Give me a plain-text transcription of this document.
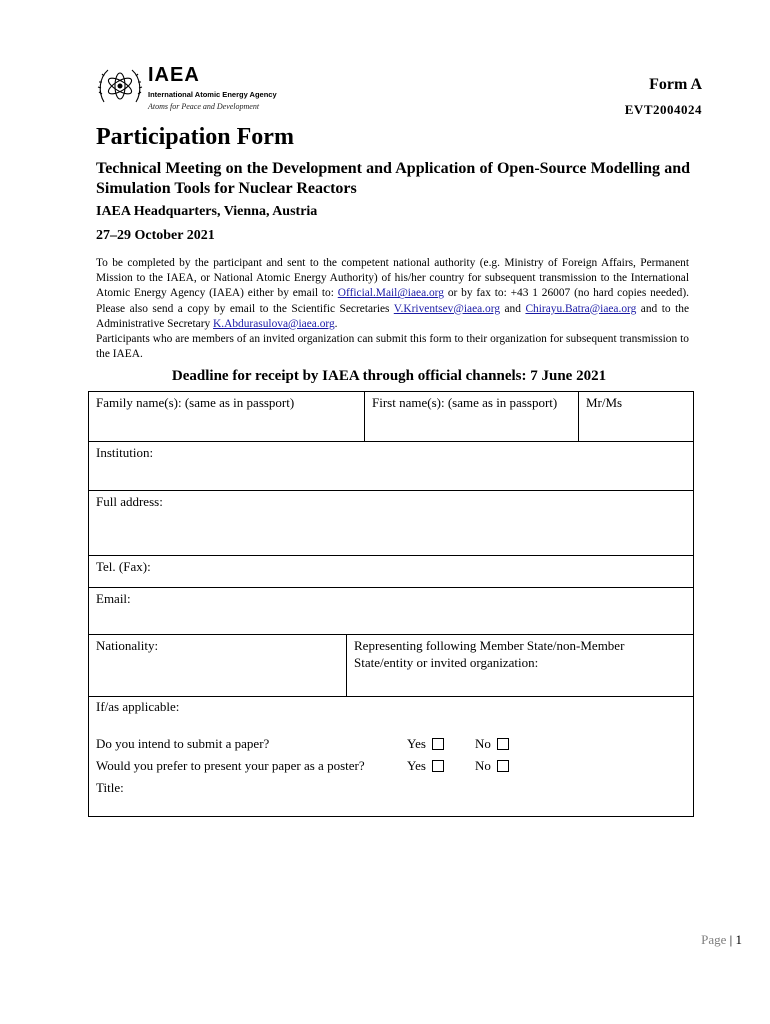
IAEA
International Atomic Energy Agency
Atoms for Peace and Development
Form A
EVT2004024
Participation Form
Technical Meeting on the Development and Application of Open-Source Modelling and Simulation Tools for Nuclear Reactors
IAEA Headquarters, Vienna, Austria
27–29 October 2021
To be completed by the participant and sent to the competent national authority (e.g. Ministry of Foreign Affairs, Permanent Mission to the IAEA, or National Atomic Energy Authority) of his/her country for subsequent transmission to the International Atomic Energy Agency (IAEA) either by email to: Official.Mail@iaea.org or by fax to: +43 1 26007 (no hard copies needed). Please also send a copy by email to the Scientific Secretaries V.Kriventsev@iaea.org and Chirayu.Batra@iaea.org and to the Administrative Secretary K.Abdurasulova@iaea.org.
Participants who are members of an invited organization can submit this form to their organization for subsequent transmission to the IAEA.
Deadline for receipt by IAEA through official channels: 7 June 2021
Family name(s): (same as in passport)	First name(s): (same as in passport)	Mr/Ms
Institution:
Full address:
Tel. (Fax):
Email:
Nationality:	Representing following Member State/non-Member State/entity or invited organization:
If/as applicable:
Do you intend to submit a paper?	Yes	No
Would you prefer to present your paper as a poster?	Yes	No
Title:
Page | 1
